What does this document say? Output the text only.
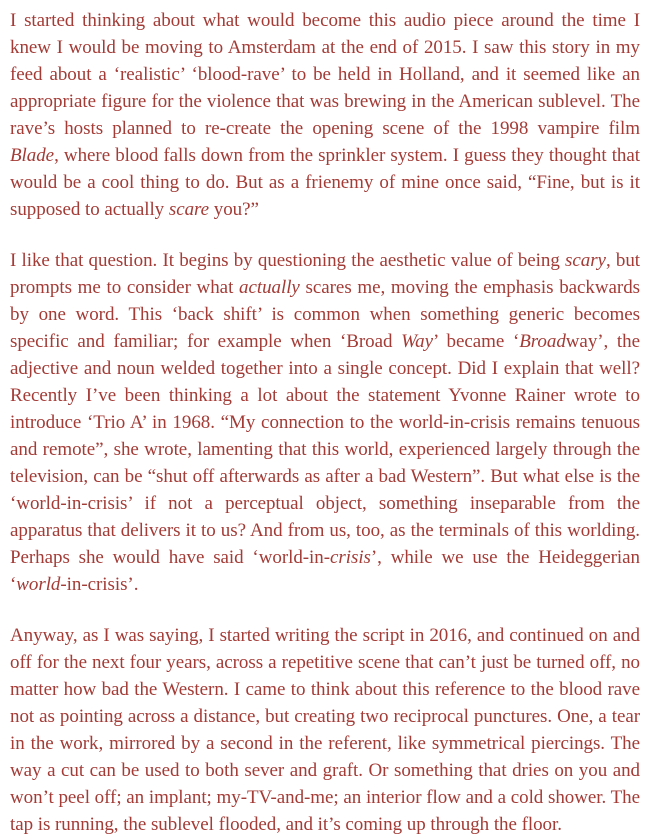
I started thinking about what would become this audio piece around the time I knew I would be moving to Amsterdam at the end of 2015. I saw this story in my feed about a ‘realistic’ ‘blood-rave’ to be held in Holland, and it seemed like an appropriate figure for the violence that was brewing in the American sublevel. The rave’s hosts planned to re-create the opening scene of the 1998 vampire film Blade, where blood falls down from the sprinkler system. I guess they thought that would be a cool thing to do. But as a frienemy of mine once said, “Fine, but is it supposed to actually scare you?”

I like that question. It begins by questioning the aesthetic value of being scary, but prompts me to consider what actually scares me, moving the emphasis backwards by one word. This ‘back shift’ is common when something generic becomes specific and familiar; for example when ‘Broad Way’ became ‘Broadway’, the adjective and noun welded together into a single concept. Did I explain that well? Recently I’ve been thinking a lot about the statement Yvonne Rainer wrote to introduce ‘Trio A’ in 1968. “My connection to the world-in-crisis remains tenuous and remote”, she wrote, lamenting that this world, experienced largely through the television, can be “shut off afterwards as after a bad Western”. But what else is the ‘world-in-crisis’ if not a perceptual object, something inseparable from the apparatus that delivers it to us? And from us, too, as the terminals of this worlding. Perhaps she would have said ‘world-in-crisis’, while we use the Heideggerian ‘world-in-crisis’.

Anyway, as I was saying, I started writing the script in 2016, and continued on and off for the next four years, across a repetitive scene that can’t just be turned off, no matter how bad the Western. I came to think about this reference to the blood rave not as pointing across a distance, but creating two reciprocal punctures. One, a tear in the work, mirrored by a second in the referent, like symmetrical piercings. The way a cut can be used to both sever and graft. Or something that dries on you and won’t peel off; an implant; my-TV-and-me; an interior flow and a cold shower. The tap is running, the sublevel flooded, and it’s coming up through the floor.
